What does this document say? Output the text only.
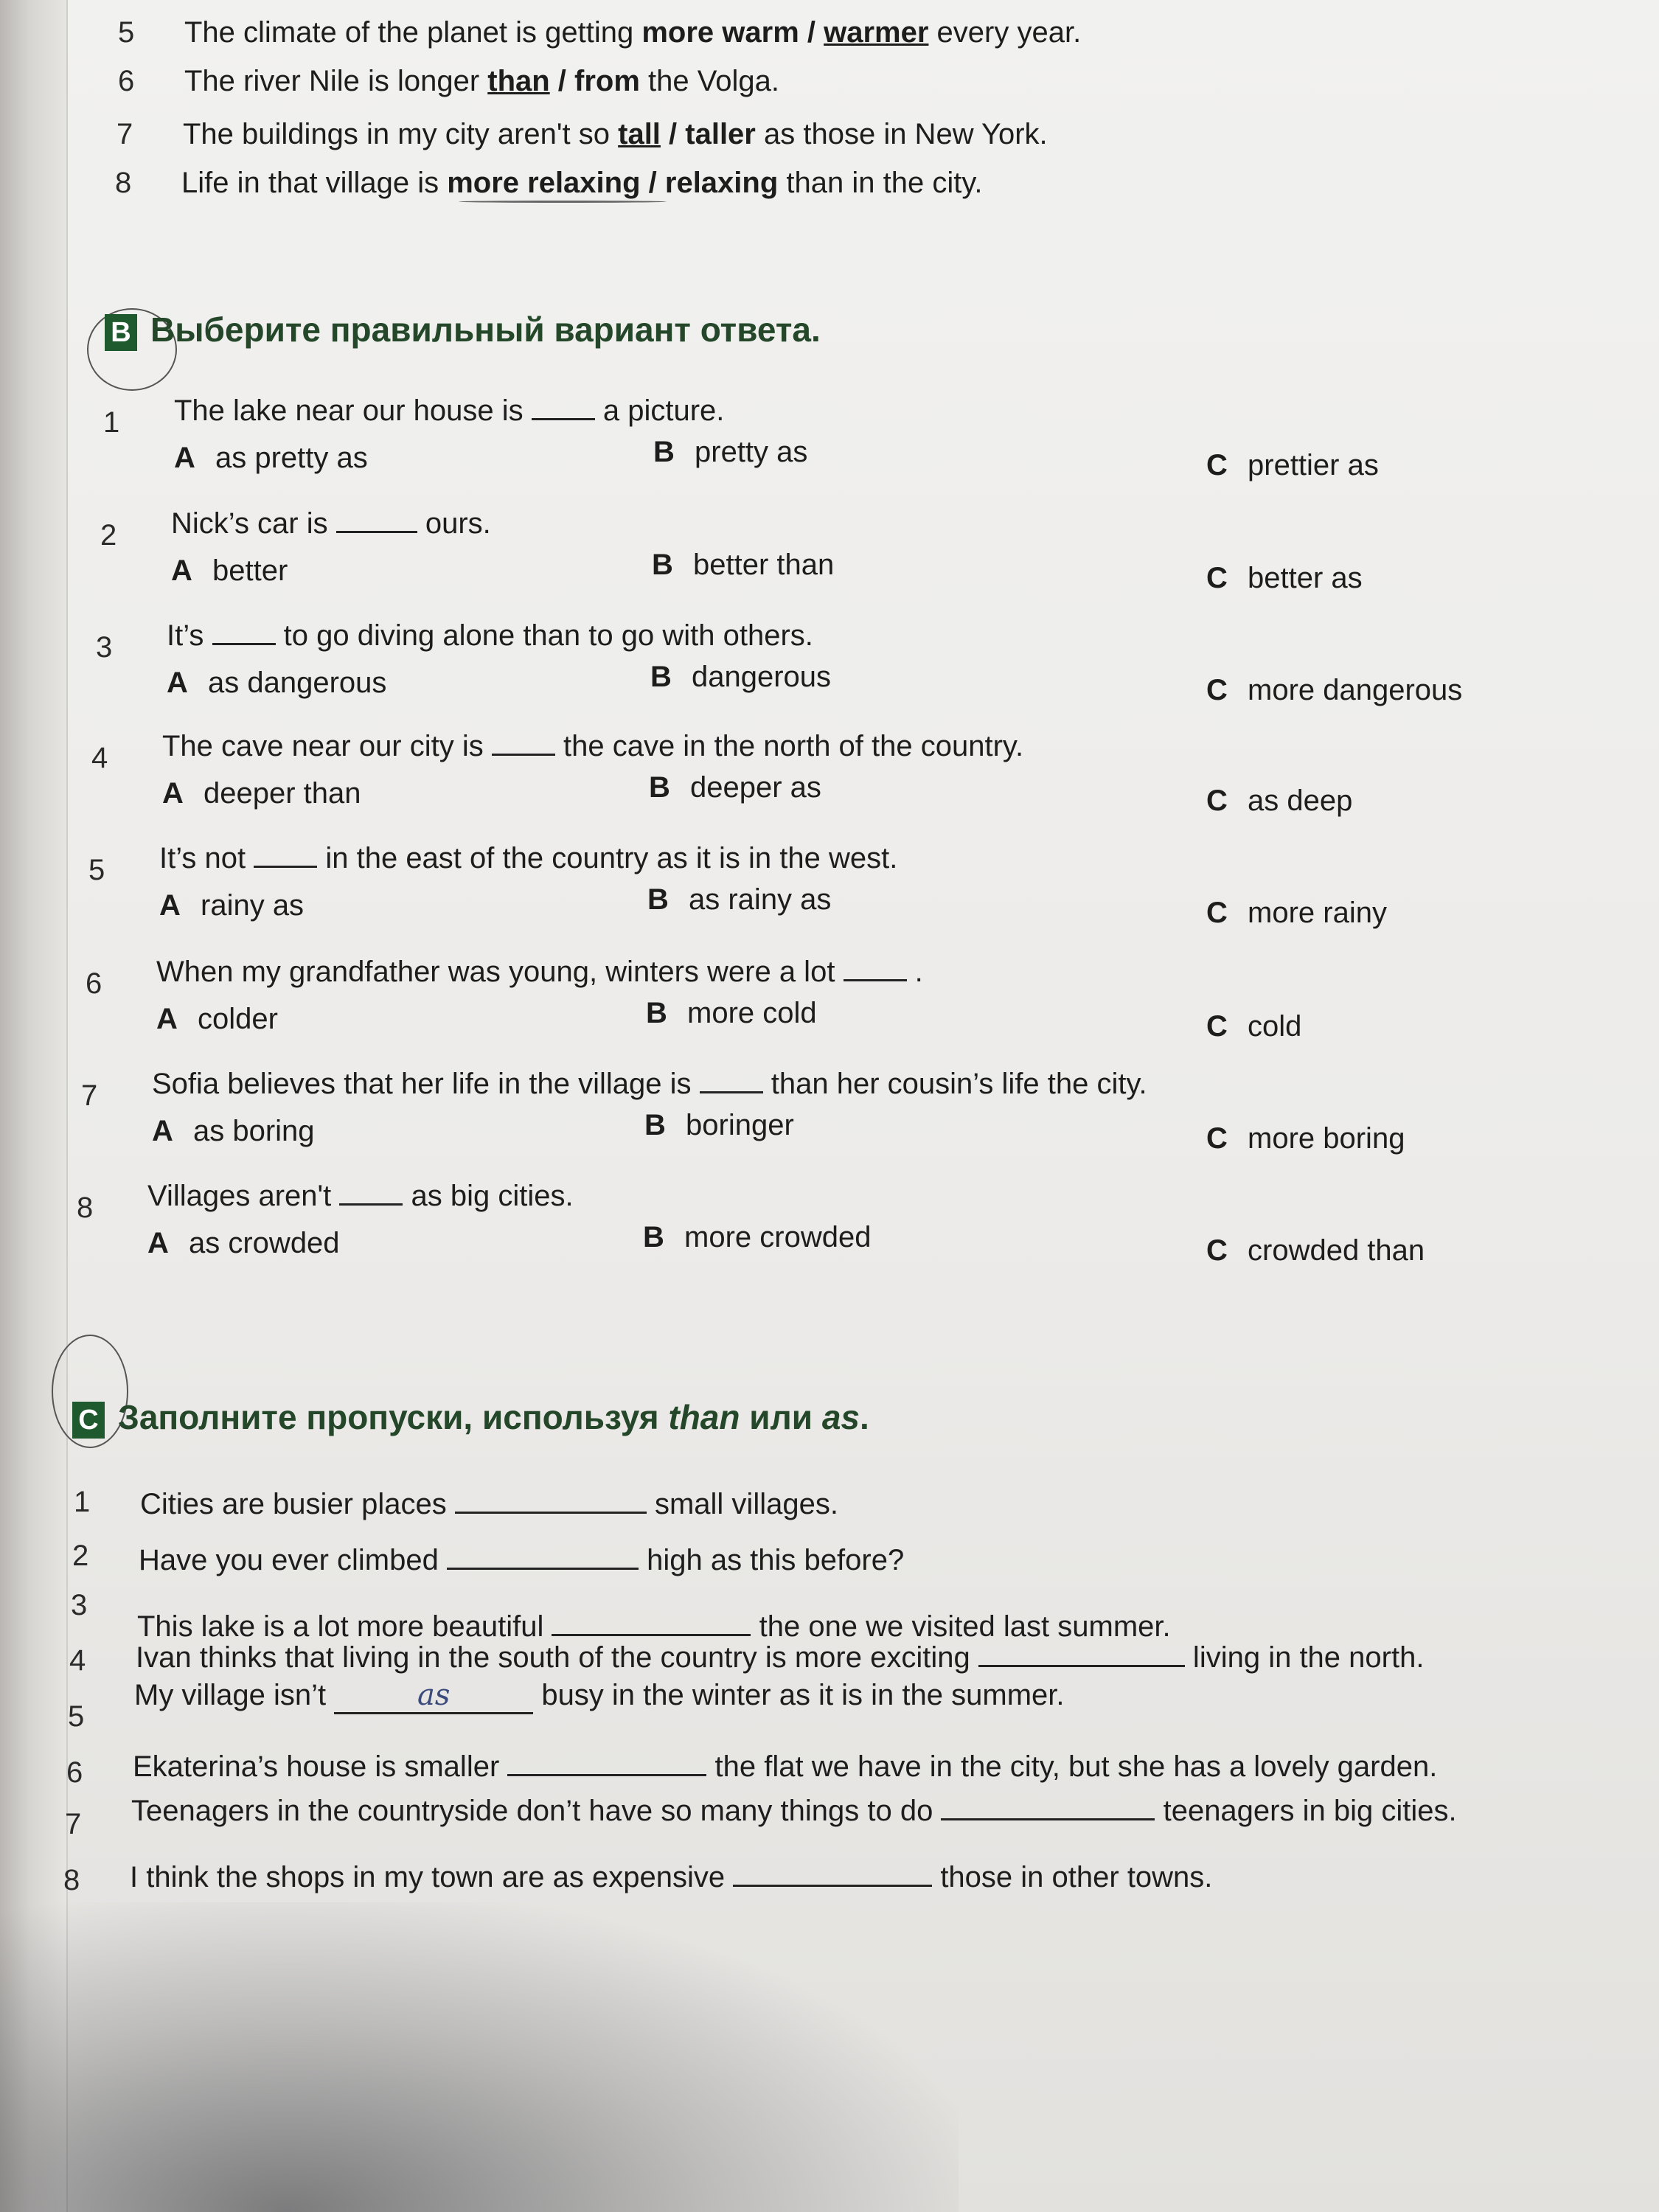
5 The climate of the planet is getting more warm / warmer every year.
6 The river Nile is longer than / from the Volga.
7 The buildings in my city aren't so tall / taller as those in New York.
8 Life in that village is more relaxing / relaxing than in the city.
B Выберите правильный вариант ответа.
1 The lake near our house is  a picture.
A as pretty as	B pretty as	C prettier as
2 Nick’s car is	ours.
A better	B better than	C better as
3 It’s  to go diving alone than to go with others.
A as dangerous	B dangerous	C more dangerous
4 The cave near our city is  the cave in the north of the country.
A deeper than	B deeper as	C as deep
5 It’s not  in the east of the country as it is in the west.
A rainy as	B as rainy as	C more rainy
6 When my grandfather was young, winters were a lot  .
A colder	B more cold	C cold
7 Sofia believes that her life in the village is  than her cousin’s life the city.
A as boring	B boringer	C more boring
8 Villages aren't  as big cities.
A as crowded	B more crowded	C crowded than
C Заполните пропуски, используя than или as.
1 Cities are busier places	small villages.
2 Have you ever climbed	high as this before?
3
This lake is a lot more beautiful	the one we visited last summer.
4 Ivan thinks that living in the south of the country is more exciting	living in the north.
5
My village isn’t	as	busy in the winter as it is in the summer.
6 Ekaterina’s house is smaller	the flat we have in the city, but she has a lovely garden.
7 Teenagers in the countryside don’t have so many things to do	teenagers in big cities.
8 I think the shops in my town are as expensive	those in other towns.
